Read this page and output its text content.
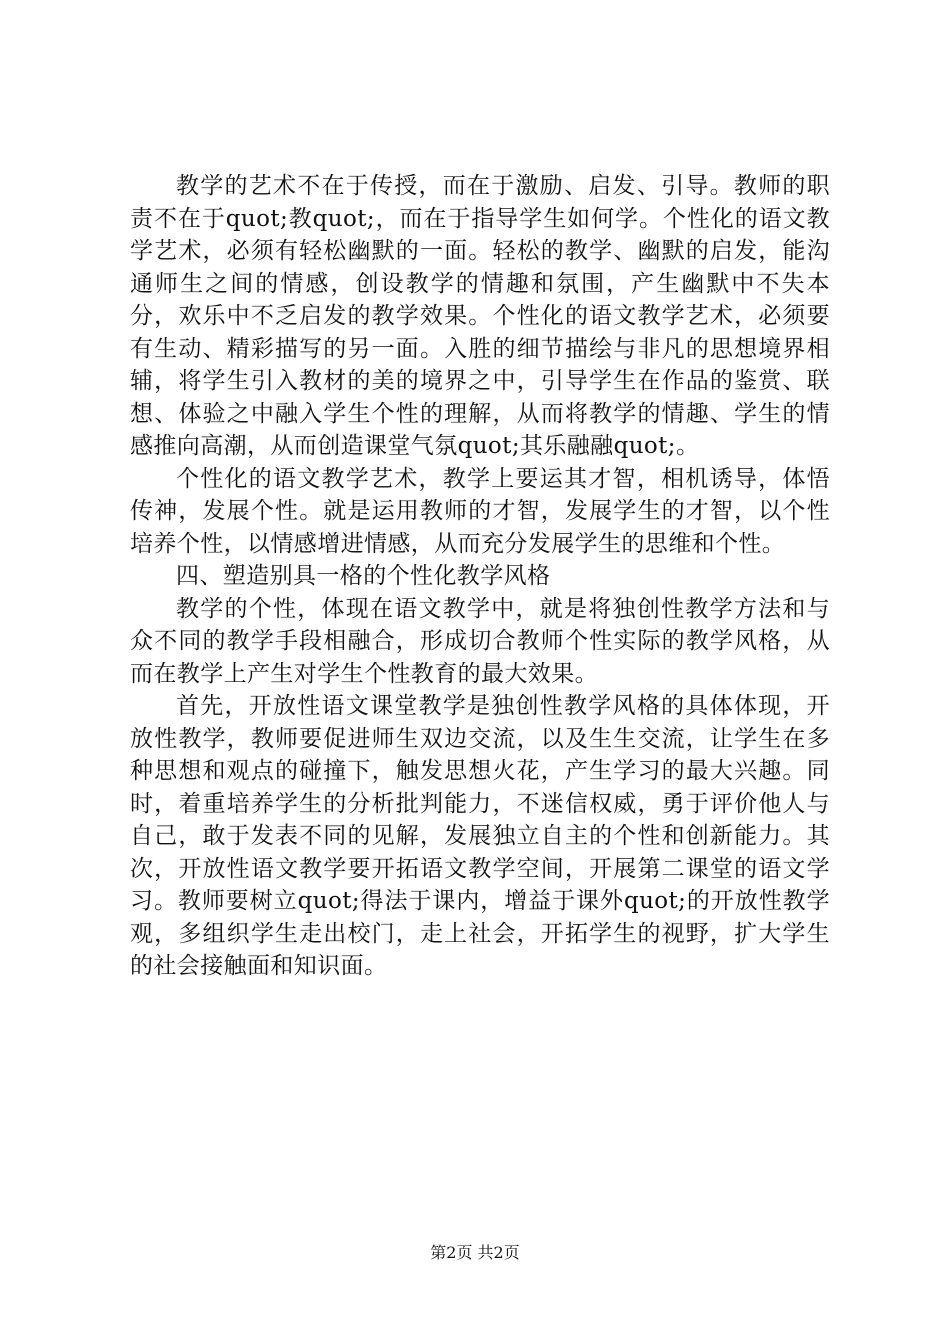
教学的艺术不在于传授，而在于激励、启发、引导。教师的职责不在于quot;教quot;，而在于指导学生如何学。个性化的语文教学艺术，必须有轻松幽默的一面。轻松的教学、幽默的启发，能沟通师生之间的情感，创设教学的情趣和氛围，产生幽默中不失本分，欢乐中不乏启发的教学效果。个性化的语文教学艺术，必须要有生动、精彩描写的另一面。入胜的细节描绘与非凡的思想境界相辅，将学生引入教材的美的境界之中，引导学生在作品的鉴赏、联想、体验之中融入学生个性的理解，从而将教学的情趣、学生的情感推向高潮，从而创造课堂气氛quot;其乐融融quot;。

个性化的语文教学艺术，教学上要运其才智，相机诱导，体悟传神，发展个性。就是运用教师的才智，发展学生的才智，以个性培养个性，以情感增进情感，从而充分发展学生的思维和个性。

四、塑造别具一格的个性化教学风格

教学的个性，体现在语文教学中，就是将独创性教学方法和与众不同的教学手段相融合，形成切合教师个性实际的教学风格，从而在教学上产生对学生个性教育的最大效果。

首先，开放性语文课堂教学是独创性教学风格的具体体现，开放性教学，教师要促进师生双边交流，以及生生交流，让学生在多种思想和观点的碰撞下，触发思想火花，产生学习的最大兴趣。同时，着重培养学生的分析批判能力，不迷信权威，勇于评价他人与自己，敢于发表不同的见解，发展独立自主的个性和创新能力。其次，开放性语文教学要开拓语文教学空间，开展第二课堂的语文学习。教师要树立quot;得法于课内，增益于课外quot;的开放性教学观，多组织学生走出校门，走上社会，开拓学生的视野，扩大学生的社会接触面和知识面。

第2页 共2页
